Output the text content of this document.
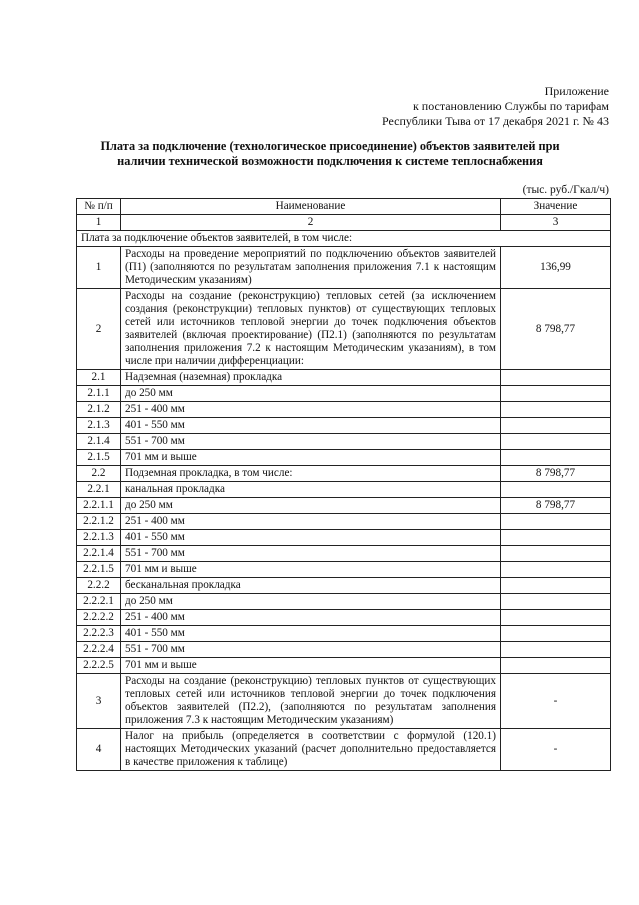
Приложение
к постановлению Службы по тарифам
Республики Тыва от 17 декабря 2021 г. № 43
Плата за подключение (технологическое присоединение) объектов заявителей при
наличии технической возможности подключения к системе теплоснабжения
(тыс. руб./Гкал/ч)
№ п/п	Наименование	Значение
1	2	3
Плата за подключение объектов заявителей, в том числе:		
1	Расходы на проведение мероприятий по подключению объектов заявителей (П1) (заполняются по результатам заполнения приложения 7.1 к настоящим Методическим указаниям)	136,99
2	Расходы на создание (реконструкцию) тепловых сетей (за исключением создания (реконструкции) тепловых пунктов) от существующих тепловых сетей или источников тепловой энергии до точек подключения объектов заявителей (включая проектирование) (П2.1) (заполняются по результатам заполнения приложения 7.2 к настоящим Методическим указаниям), в том числе при наличии дифференциации:	8 798,77
2.1	Надземная (наземная) прокладка	
2.1.1	до 250 мм	
2.1.2	251 - 400 мм	
2.1.3	401 - 550 мм	
2.1.4	551 - 700 мм	
2.1.5	701 мм и выше	
2.2	Подземная прокладка, в том числе:	8 798,77
2.2.1	канальная прокладка	
2.2.1.1	до 250 мм	8 798,77
2.2.1.2	251 - 400 мм	
2.2.1.3	401 - 550 мм	
2.2.1.4	551 - 700 мм	
2.2.1.5	701 мм и выше	
2.2.2	бесканальная прокладка	
2.2.2.1	до 250 мм	
2.2.2.2	251 - 400 мм	
2.2.2.3	401 - 550 мм	
2.2.2.4	551 - 700 мм	
2.2.2.5	701 мм и выше	
3	Расходы на создание (реконструкцию) тепловых пунктов от существующих тепловых сетей или источников тепловой энергии до точек подключения объектов заявителей (П2.2), (заполняются по результатам заполнения приложения 7.3 к настоящим Методическим указаниям)	-
4	Налог на прибыль (определяется в соответствии с формулой (120.1) настоящих Методических указаний (расчет дополнительно предоставляется в качестве приложения к таблице)	-
